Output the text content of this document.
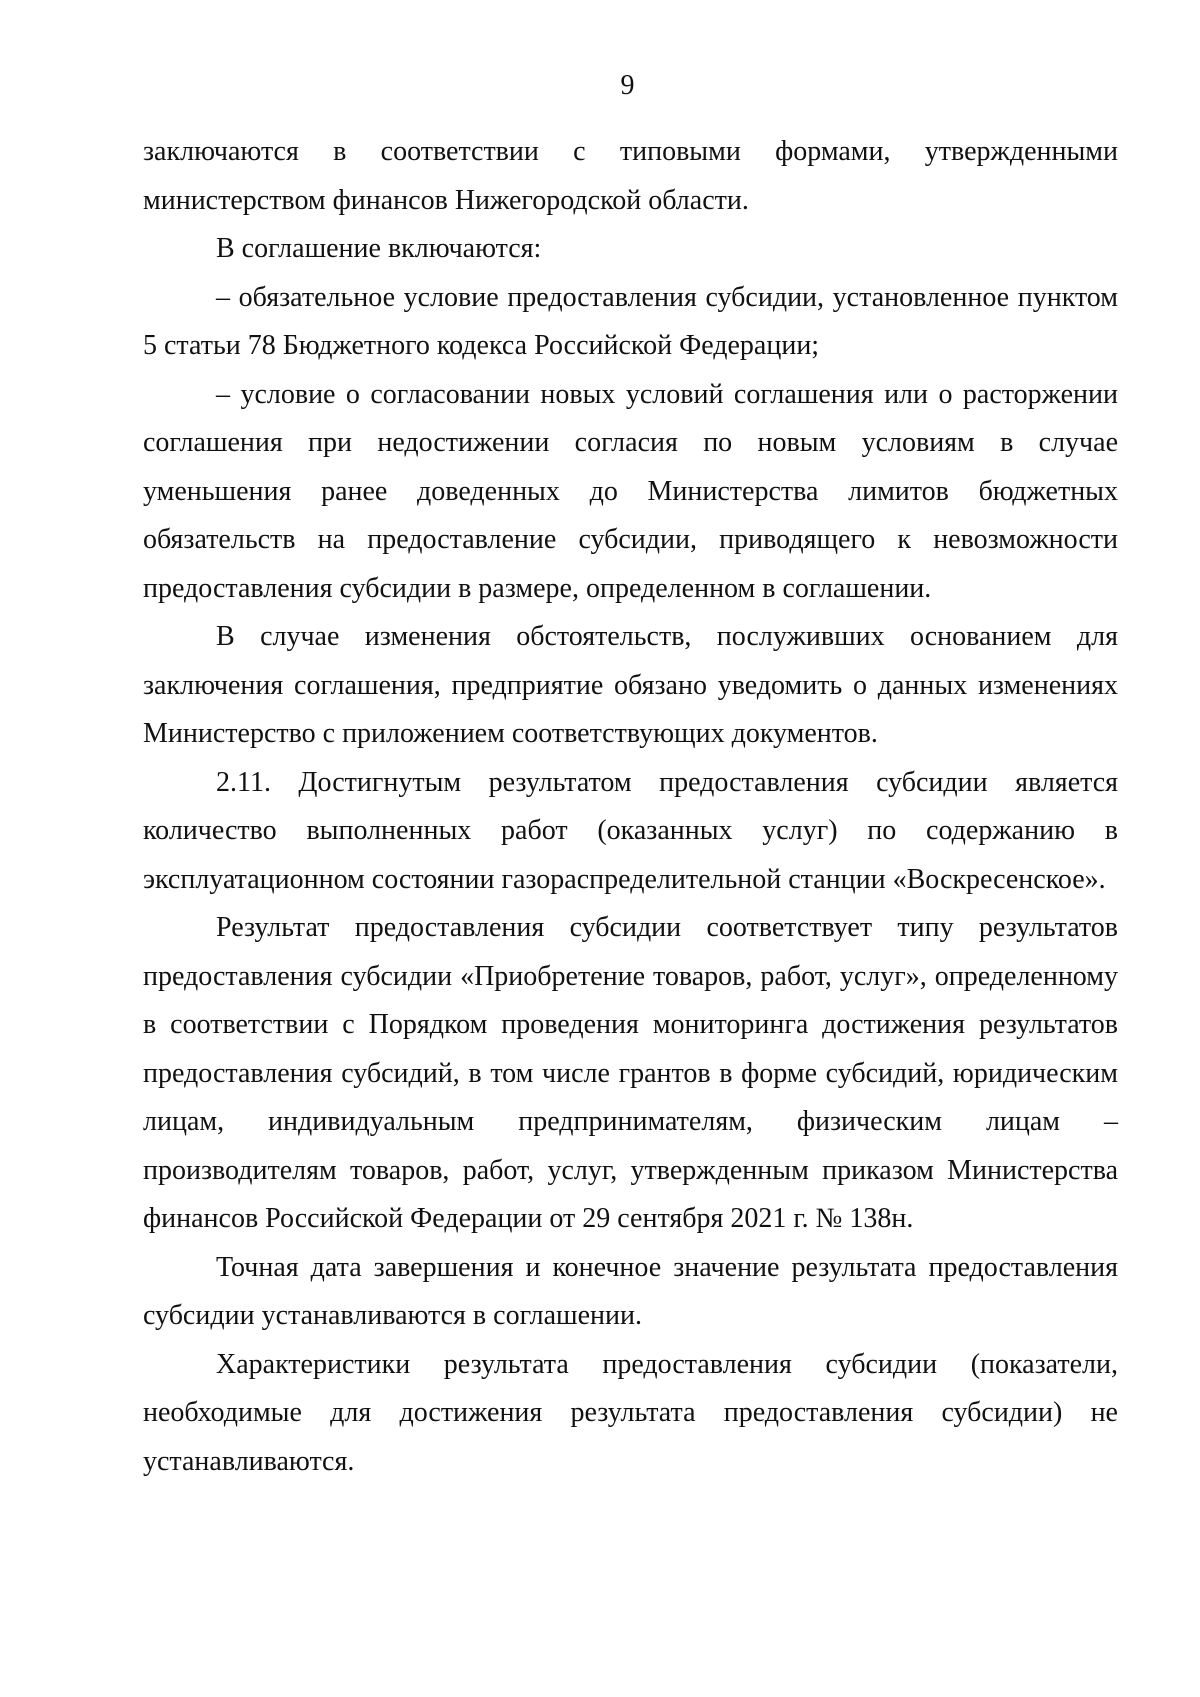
9

заключаются в соответствии с типовыми формами, утвержденными министерством финансов Нижегородской области.

В соглашение включаются:

– обязательное условие предоставления субсидии, установленное пунктом 5 статьи 78 Бюджетного кодекса Российской Федерации;

– условие о согласовании новых условий соглашения или о расторжении соглашения при недостижении согласия по новым условиям в случае уменьшения ранее доведенных до Министерства лимитов бюджетных обязательств на предоставление субсидии, приводящего к невозможности предоставления субсидии в размере, определенном в соглашении.

В случае изменения обстоятельств, послуживших основанием для заключения соглашения, предприятие обязано уведомить о данных изменениях Министерство с приложением соответствующих документов.

2.11. Достигнутым результатом предоставления субсидии является количество выполненных работ (оказанных услуг) по содержанию в эксплуатационном состоянии газораспределительной станции «Воскресенское».

Результат предоставления субсидии соответствует типу результатов предоставления субсидии «Приобретение товаров, работ, услуг», определенному в соответствии с Порядком проведения мониторинга достижения результатов предоставления субсидий, в том числе грантов в форме субсидий, юридическим лицам, индивидуальным предпринимателям, физическим лицам – производителям товаров, работ, услуг, утвержденным приказом Министерства финансов Российской Федерации от 29 сентября 2021 г. № 138н.

Точная дата завершения и конечное значение результата предоставления субсидии устанавливаются в соглашении.

Характеристики результата предоставления субсидии (показатели, необходимые для достижения результата предоставления субсидии) не устанавливаются.
